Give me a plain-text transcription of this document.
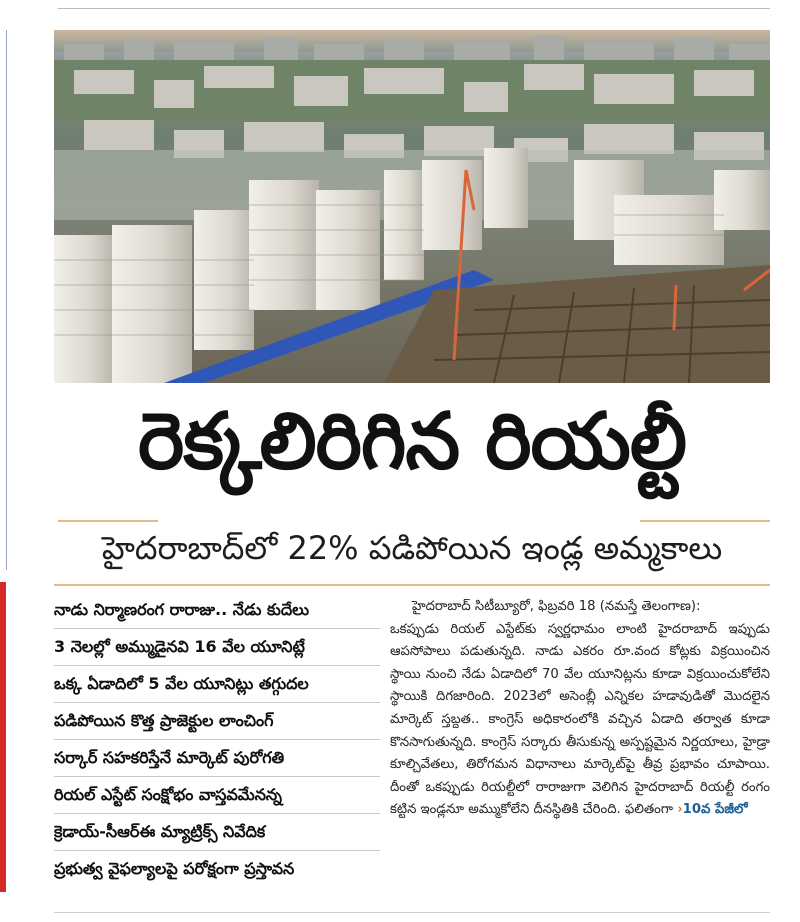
రెక్కలిరిగిన రియల్టీ
హైదరాబాద్‌లో 22% పడిపోయిన ఇండ్ల అమ్మకాలు
నాడు నిర్మాణరంగ రారాజు.. నేడు కుదేలు
3 నెలల్లో అమ్ముడైనవి 16 వేల యూనిట్లే
ఒక్క ఏడాదిలో 5 వేల యూనిట్లు తగ్గుదల
పడిపోయిన కొత్త ప్రాజెక్టుల లాంచింగ్
సర్కార్ సహకరిస్తేనే మార్కెట్ పురోగతి
రియల్ ఎస్టేట్ సంక్షోభం వాస్తవమేనన్న
క్రెడాయ్-సీఆర్ఈ మ్యాట్రిక్స్ నివేదిక
ప్రభుత్వ వైఫల్యాలపై పరోక్షంగా ప్రస్తావన

హైదరాబాద్ సిటీబ్యూరో, ఫిబ్రవరి 18 (నమస్తే తెలంగాణ):

ఒకప్పుడు రియల్ ఎస్టేట్‌కు స్వర్ణధామం లాంటి హైదరాబాద్ ఇప్పుడు ఆపసోపాలు పడుతున్నది. నాడు ఎకరం రూ.వంద కోట్లకు విక్రయించిన స్థాయి నుంచి నేడు ఏడాదిలో 70 వేల యూనిట్లను కూడా విక్రయించుకోలేని స్థాయికి దిగజారింది. 2023లో అసెంబ్లీ ఎన్నికల హడావుడితో మొదలైన మార్కెట్ స్తబ్దత.. కాంగ్రెస్ అధికారంలోకి వచ్చిన ఏడాది తర్వాత కూడా కొనసాగుతున్నది. కాంగ్రెస్ సర్కారు తీసుకున్న అస్పష్టమైన నిర్ణయాలు, హైడ్రా కూల్చివేతలు, తిరోగమన విధానాలు మార్కెట్‌పై తీవ్ర ప్రభావం చూపాయి. దీంతో ఒకప్పుడు రియల్టీలో రారాజుగా వెలిగిన హైదరాబాద్ రియల్టీ రంగం కట్టిన ఇండ్లనూ అమ్ముకోలేని దీనస్థితికి చేరింది. ఫలితంగా ›10వ పేజీలో
